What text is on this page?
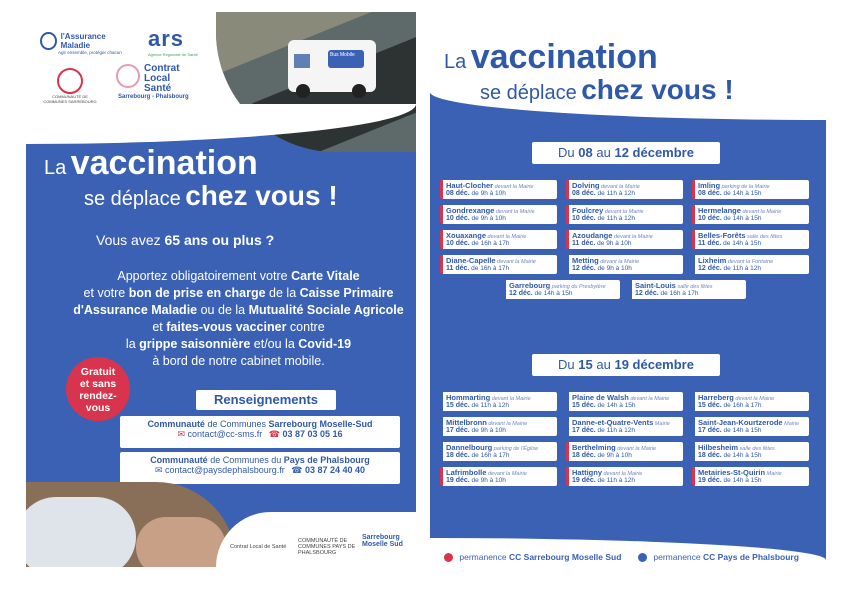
Bus Mobile
l'Assurance Maladie
Agir ensemble, protéger chacun
ars
Agence Régionale de Santé
COMMUNAUTÉ DE COMMUNES SARREBOURG
Contrat
Local
Santé
Sarrebourg - Phalsbourg
La vaccination
se déplace chez vous !
Vous avez 65 ans ou plus ?
Apportez obligatoirement votre Carte Vitale
et votre bon de prise en charge de la Caisse Primaire
d'Assurance Maladie ou de la Mutualité Sociale Agricole
et faites-vous vacciner contre
la grippe saisonnière et/ou la Covid-19
à bord de notre cabinet mobile.
Gratuit
et sans
rendez-
vous
Renseignements
Communauté de Communes Sarrebourg Moselle-Sud
✉ contact@cc-sms.fr ☎ 03 87 03 05 16
Communauté de Communes du Pays de Phalsbourg
✉ contact@paysdephalsbourg.fr ☎ 03 87 24 40 40
Contrat Local de Santé
COMMUNAUTÉ DE COMMUNES PAYS DE PHALSBOURG
Sarrebourg Moselle Sud
La vaccination
se déplace chez vous !
Du 08 au 12 décembre
Haut-Clocher devant la Mairie
08 déc. de 9h à 10h
Dolving devant la Mairie
08 déc. de 11h à 12h
Imling parking de la Mairie
08 déc. de 14h à 15h
Gondrexange devant la Mairie
10 déc. de 9h à 10h
Foulcrey devant la Mairie
10 déc. de 11h à 12h
Hermelange devant la Mairie
10 déc. de 14h à 15h
Xouaxange devant la Mairie
10 déc. de 16h à 17h
Azoudange devant la Mairie
11 déc. de 9h à 10h
Belles-Forêts salle des fêtes
11 déc. de 14h à 15h
Diane-Capelle devant la Mairie
11 déc. de 16h à 17h
Metting devant la Mairie
12 déc. de 9h à 10h
Lixheim devant la Fontaine
12 déc. de 11h à 12h
Garrebourg parking du Presbytère
12 déc. de 14h à 15h
Saint-Louis salle des fêtes
12 déc. de 16h à 17h
Du 15 au 19 décembre
Hommarting devant la Mairie
15 déc. de 11h à 12h
Plaine de Walsh devant la Mairie
15 déc. de 14h à 15h
Harreberg devant la Mairie
15 déc. de 16h à 17h
Mittelbronn devant la Mairie
17 déc. de 9h à 10h
Danne-et-Quatre-Vents Mairie
17 déc. de 11h à 12h
Saint-Jean-Kourtzerode Mairie
17 déc. de 14h à 15h
Dannelbourg parking de l'Église
18 déc. de 16h à 17h
Berthelming devant la Mairie
18 déc. de 9h à 10h
Hilbesheim salle des fêtes
18 déc. de 14h à 15h
Lafrimbolle devant la Mairie
19 déc. de 9h à 10h
Hattigny devant la Mairie
19 déc. de 11h à 12h
Metairies-St-Quirin Mairie
19 déc. de 14h à 15h
permanence CC Sarrebourg Moselle Sud	permanence CC Pays de Phalsbourg
